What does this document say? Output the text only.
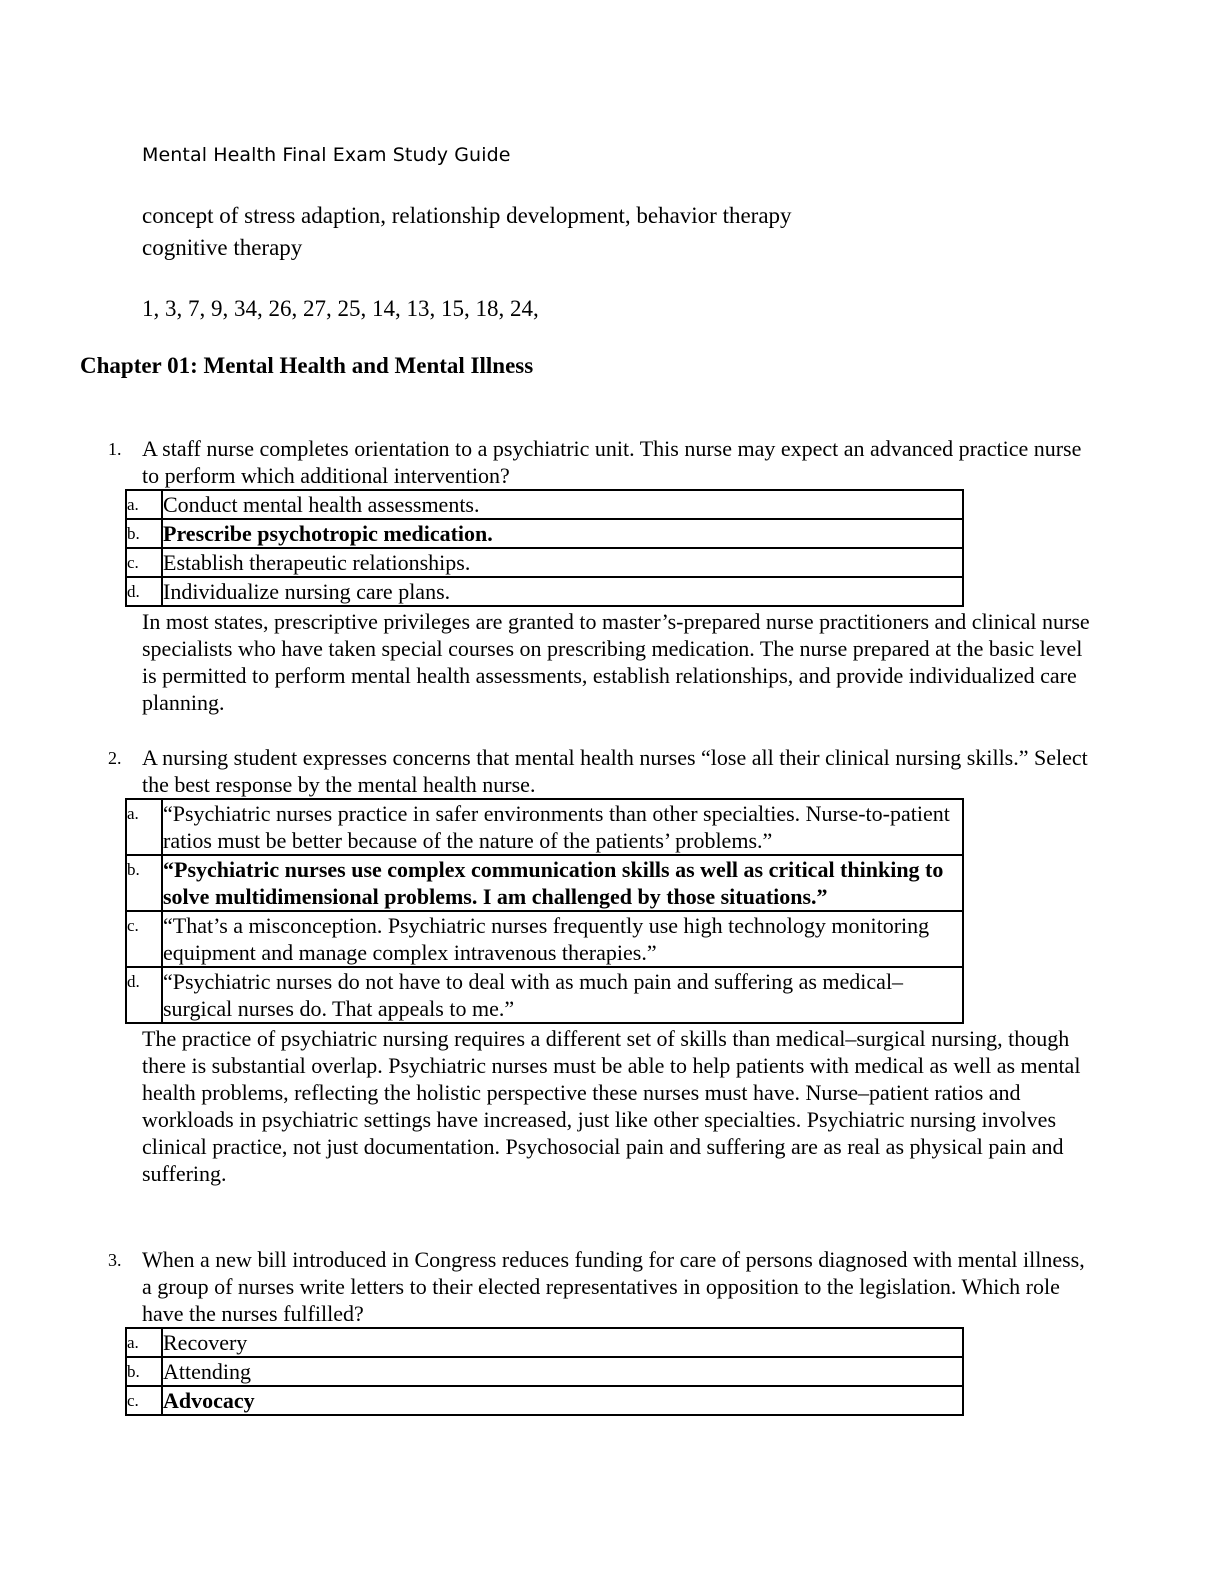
Mental Health Final Exam Study Guide
concept of stress adaption, relationship development, behavior therapy
cognitive therapy
1, 3, 7, 9, 34, 26, 27, 25, 14, 13, 15, 18, 24,
Chapter 01: Mental Health and Mental Illness
1. A staff nurse completes orientation to a psychiatric unit. This nurse may expect an advanced practice nurse to perform which additional intervention?
a.	Conduct mental health assessments.
b.	Prescribe psychotropic medication.
c.	Establish therapeutic relationships.
d.	Individualize nursing care plans.
In most states, prescriptive privileges are granted to master’s-prepared nurse practitioners and clinical nurse specialists who have taken special courses on prescribing medication. The nurse prepared at the basic level is permitted to perform mental health assessments, establish relationships, and provide individualized care planning.
2. A nursing student expresses concerns that mental health nurses “lose all their clinical nursing skills.” Select the best response by the mental health nurse.
a.	“Psychiatric nurses practice in safer environments than other specialties. Nurse-to-patient ratios must be better because of the nature of the patients’ problems.”
b.	“Psychiatric nurses use complex communication skills as well as critical thinking to solve multidimensional problems. I am challenged by those situations.”
c.	“That’s a misconception. Psychiatric nurses frequently use high technology monitoring equipment and manage complex intravenous therapies.”
d.	“Psychiatric nurses do not have to deal with as much pain and suffering as medical–surgical nurses do. That appeals to me.”
The practice of psychiatric nursing requires a different set of skills than medical–surgical nursing, though there is substantial overlap. Psychiatric nurses must be able to help patients with medical as well as mental health problems, reflecting the holistic perspective these nurses must have. Nurse–patient ratios and workloads in psychiatric settings have increased, just like other specialties. Psychiatric nursing involves clinical practice, not just documentation. Psychosocial pain and suffering are as real as physical pain and suffering.
3. When a new bill introduced in Congress reduces funding for care of persons diagnosed with mental illness, a group of nurses write letters to their elected representatives in opposition to the legislation. Which role have the nurses fulfilled?
a.	Recovery
b.	Attending
c.	Advocacy
